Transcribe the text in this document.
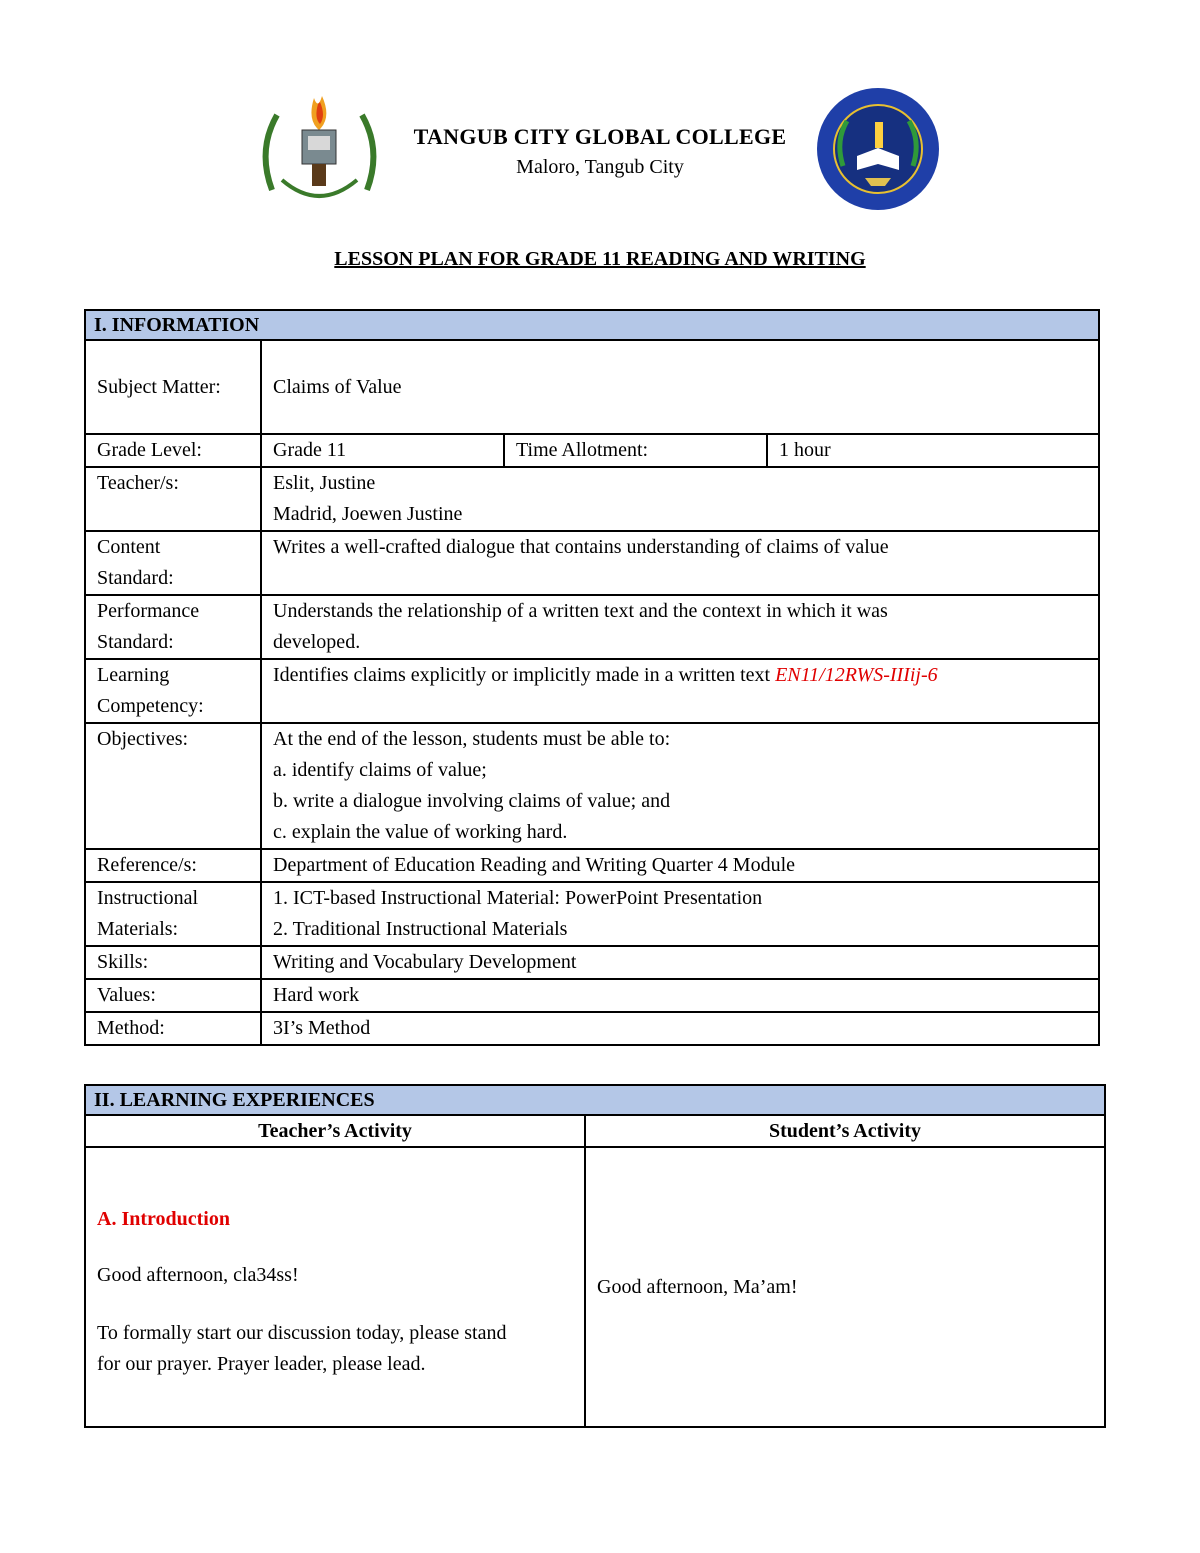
TANGUB CITY GLOBAL COLLEGE
Maloro, Tangub City
LESSON PLAN FOR GRADE 11 READING AND WRITING
I. INFORMATION			
Subject Matter:	Claims of Value		
Grade Level:	Grade 11	Time Allotment:	1 hour
Teacher/s:	Eslit, Justine
Madrid, Joewen Justine		

Content
Standard:	Writes a well-crafted dialogue that contains understanding of claims of value		

Performance
Standard:	Understands the relationship of a written text and the context in which it was
developed.		

Learning
Competency:	Identifies claims explicitly or implicitly made in a written text EN11/12RWS-IIIij-6		
Objectives:	At the end of the lesson, students must be able to:
a. identify claims of value;
b. write a dialogue involving claims of value; and
c. explain the value of working hard.		

Reference/s:	Department of Education Reading and Writing Quarter 4 Module		

Instructional
Materials:	1. ICT-based Instructional Material: PowerPoint Presentation
2. Traditional Instructional Materials		

Skills:	Writing and Vocabulary Development		
Values:	Hard work		
Method:	3I’s Method		
II. LEARNING EXPERIENCES	
Teacher’s Activity	Student’s Activity

A. Introduction
Good afternoon, cla34ss!
To formally start our discussion today, please stand
for our prayer. Prayer leader, please lead.	Good afternoon, Ma’am!
